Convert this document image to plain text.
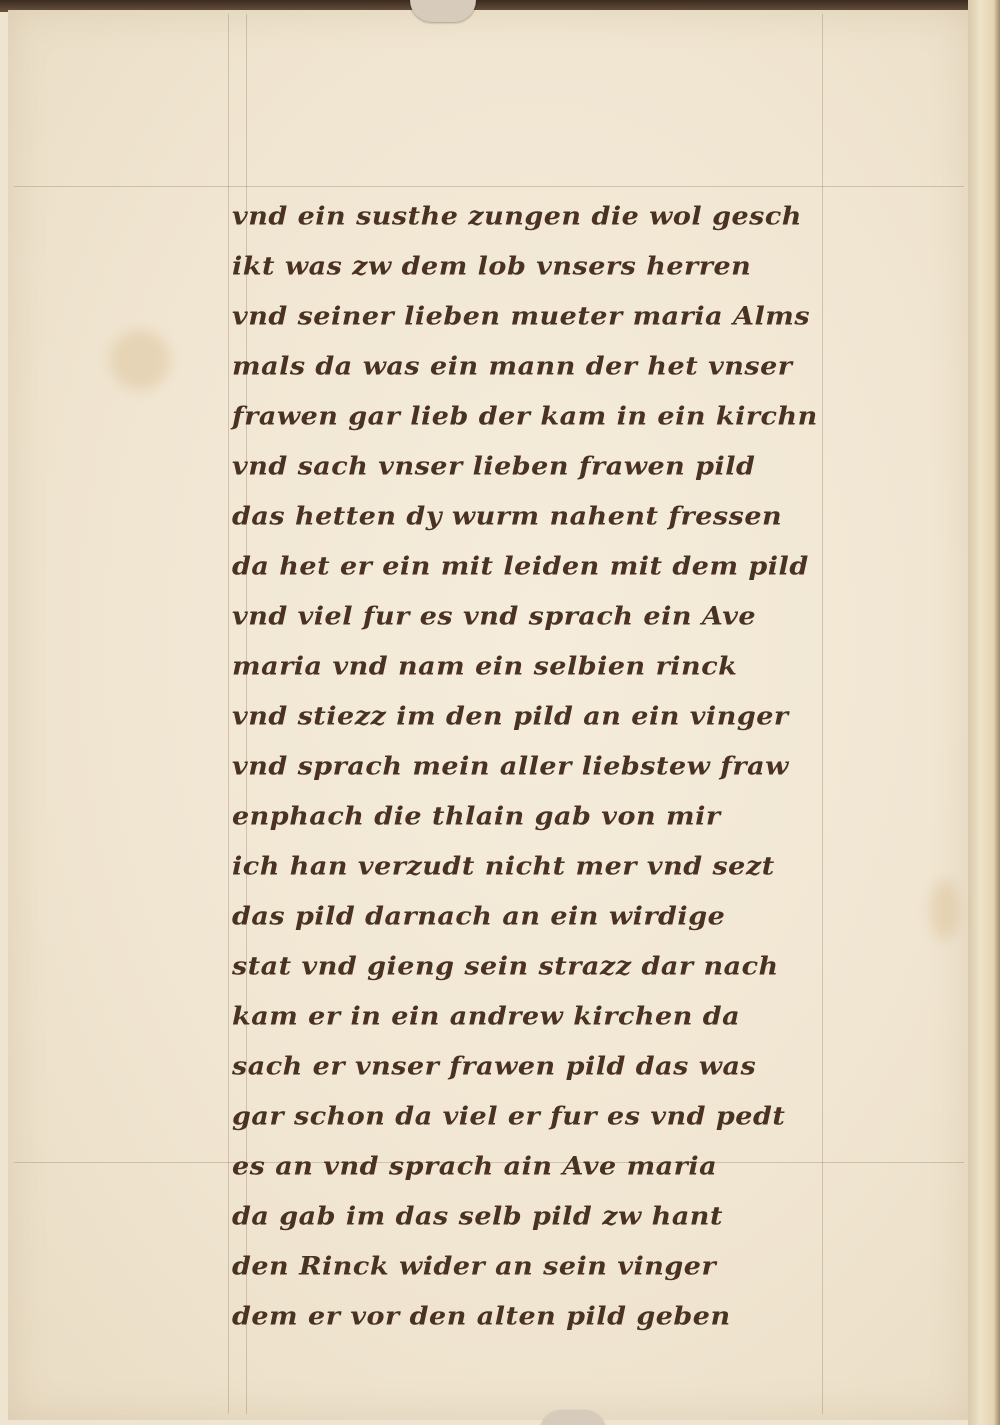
vnd ein susthe zungen die wol gesch
ikt was zw dem lob vnsers herren
vnd seiner lieben mueter maria Alms
mals da was ein mann der het vnser
frawen gar lieb der kam in ein kirchn
vnd sach vnser lieben frawen pild
das hetten dy wurm nahent fressen
da het er ein mit leiden mit dem pild
vnd viel fur es vnd sprach ein Ave
maria vnd nam ein selbien rinck
vnd stiezz im den pild an ein vinger
vnd sprach mein aller liebstew fraw
enphach die thlain gab von mir
ich han verzudt nicht mer vnd sezt
das pild darnach an ein wirdige
stat vnd gieng sein strazz dar nach
kam er in ein andrew kirchen da
sach er vnser frawen pild das was
gar schon da viel er fur es vnd pedt
es an vnd sprach ain Ave maria
da gab im das selb pild zw hant
den Rinck wider an sein vinger
dem er vor den alten pild geben
